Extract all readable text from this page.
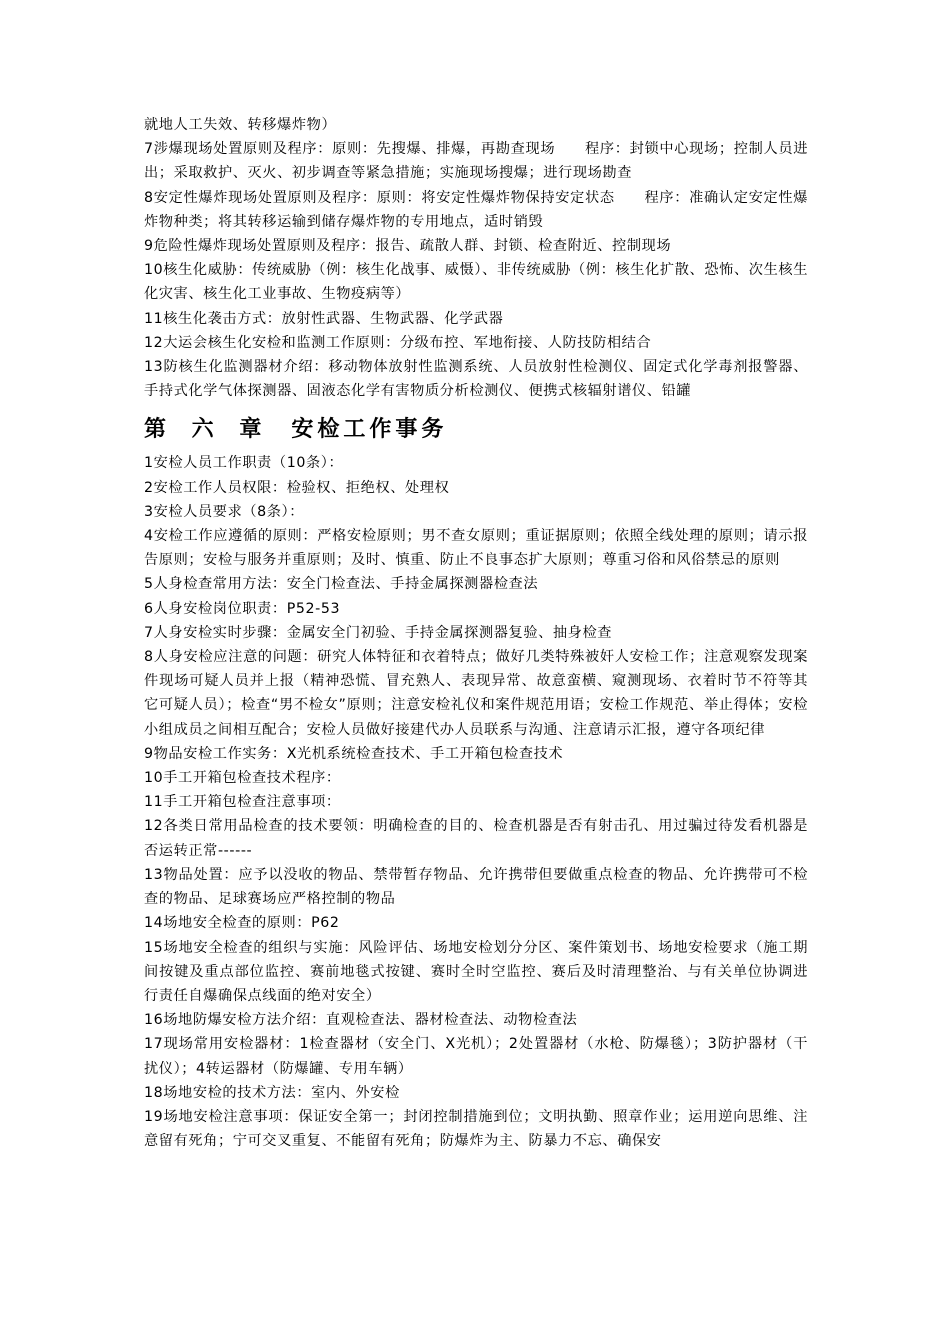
就地人工失效、转移爆炸物）

7涉爆现场处置原则及程序：原则：先搜爆、排爆，再勘查现场　　程序：封锁中心现场；控制人员进出；采取救护、灭火、初步调查等紧急措施；实施现场搜爆；进行现场勘查

8安定性爆炸现场处置原则及程序：原则：将安定性爆炸物保持安定状态　　程序：准确认定安定性爆炸物种类；将其转移运输到储存爆炸物的专用地点，适时销毁

9危险性爆炸现场处置原则及程序：报告、疏散人群、封锁、检查附近、控制现场

10核生化威胁：传统威胁（例：核生化战事、威慑）、非传统威胁（例：核生化扩散、恐怖、次生核生化灾害、核生化工业事故、生物疫病等）

11核生化袭击方式：放射性武器、生物武器、化学武器

12大运会核生化安检和监测工作原则：分级布控、军地衔接、人防技防相结合

13防核生化监测器材介绍：移动物体放射性监测系统、人员放射性检测仪、固定式化学毒剂报警器、手持式化学气体探测器、固液态化学有害物质分析检测仪、便携式核辐射谱仪、铅罐

第 六 章　安检工作事务

1安检人员工作职责（10条）：

2安检工作人员权限：检验权、拒绝权、处理权

3安检人员要求（8条）：

4安检工作应遵循的原则：严格安检原则；男不查女原则；重证据原则；依照全线处理的原则；请示报告原则；安检与服务并重原则；及时、慎重、防止不良事态扩大原则；尊重习俗和风俗禁忌的原则

5人身检查常用方法：安全门检查法、手持金属探测器检查法

6人身安检岗位职责：P52-53

7人身安检实时步骤：金属安全门初验、手持金属探测器复验、抽身检查

8人身安检应注意的问题：研究人体特征和衣着特点；做好几类特殊被奸人安检工作；注意观察发现案件现场可疑人员并上报（精神恐慌、冒充熟人、表现异常、故意蛮横、窥测现场、衣着时节不符等其它可疑人员）；检查“男不检女”原则；注意安检礼仪和案件规范用语；安检工作规范、举止得体；安检小组成员之间相互配合；安检人员做好接建代办人员联系与沟通、注意请示汇报，遵守各项纪律

9物品安检工作实务：X光机系统检查技术、手工开箱包检查技术

10手工开箱包检查技术程序：

11手工开箱包检查注意事项：

12各类日常用品检查的技术要领：明确检查的目的、检查机器是否有射击孔、用过骗过待发看机器是否运转正常------

13物品处置：应予以没收的物品、禁带暂存物品、允许携带但要做重点检查的物品、允许携带可不检查的物品、足球赛场应严格控制的物品

14场地安全检查的原则：P62

15场地安全检查的组织与实施：风险评估、场地安检划分分区、案件策划书、场地安检要求（施工期间按键及重点部位监控、赛前地毯式按键、赛时全时空监控、赛后及时清理整治、与有关单位协调进行责任自爆确保点线面的绝对安全）

16场地防爆安检方法介绍：直观检查法、器材检查法、动物检查法

17现场常用安检器材：1检查器材（安全门、X光机）；2处置器材（水枪、防爆毯）；3防护器材（干扰仪）；4转运器材（防爆罐、专用车辆）

18场地安检的技术方法：室内、外安检

19场地安检注意事项：保证安全第一；封闭控制措施到位；文明执勤、照章作业；运用逆向思维、注意留有死角；宁可交叉重复、不能留有死角；防爆炸为主、防暴力不忘、确保安
